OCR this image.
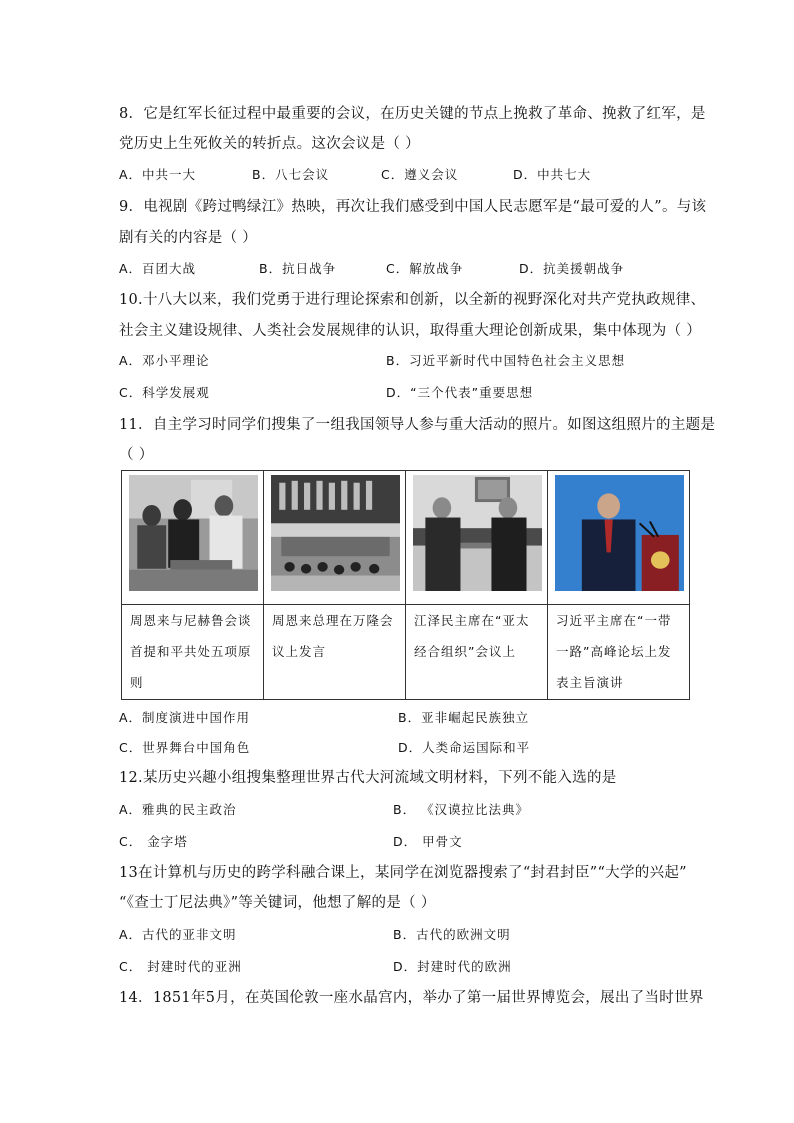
8．它是红军长征过程中最重要的会议，在历史关键的节点上挽救了革命、挽救了红军，是
党历史上生死攸关的转折点。这次会议是（ ）
A．中共一大	B．八七会议	C．遵义会议	D．中共七大
9．电视剧《跨过鸭绿江》热映，再次让我们感受到中国人民志愿军是“最可爱的人”。与该
剧有关的内容是（ ）
A．百团大战	B．抗日战争	C．解放战争	D．抗美援朝战争
10.十八大以来，我们党勇于进行理论探索和创新，以全新的视野深化对共产党执政规律、
社会主义建设规律、人类社会发展规律的认识，取得重大理论创新成果，集中体现为（ ）
A．邓小平理论	B．习近平新时代中国特色社会主义思想
C．科学发展观	D．“三个代表”重要思想
11．自主学习时同学们搜集了一组我国领导人参与重大活动的照片。如图这组照片的主题是
（ ）

周恩来与尼赫鲁会谈首提和平共处五项原则	周恩来总理在万隆会议上发言	江泽民主席在“亚太经合组织”会议上	习近平主席在“一带一路”高峰论坛上发表主旨演讲
A．制度演进中国作用	B．亚非崛起民族独立
C．世界舞台中国角色	D．人类命运国际和平
12.某历史兴趣小组搜集整理世界古代大河流域文明材料，下列不能入选的是
A．雅典的民主政治	B． 《汉谟拉比法典》
C． 金字塔	D． 甲骨文
13在计算机与历史的跨学科融合课上，某同学在浏览器搜索了“封君封臣”“大学的兴起”
“《查士丁尼法典》”等关键词，他想了解的是（ ）
A．古代的亚非文明	B．古代的欧洲文明
C． 封建时代的亚洲	D．封建时代的欧洲
14．1851年5月，在英国伦敦一座水晶宫内，举办了第一届世界博览会，展出了当时世界
